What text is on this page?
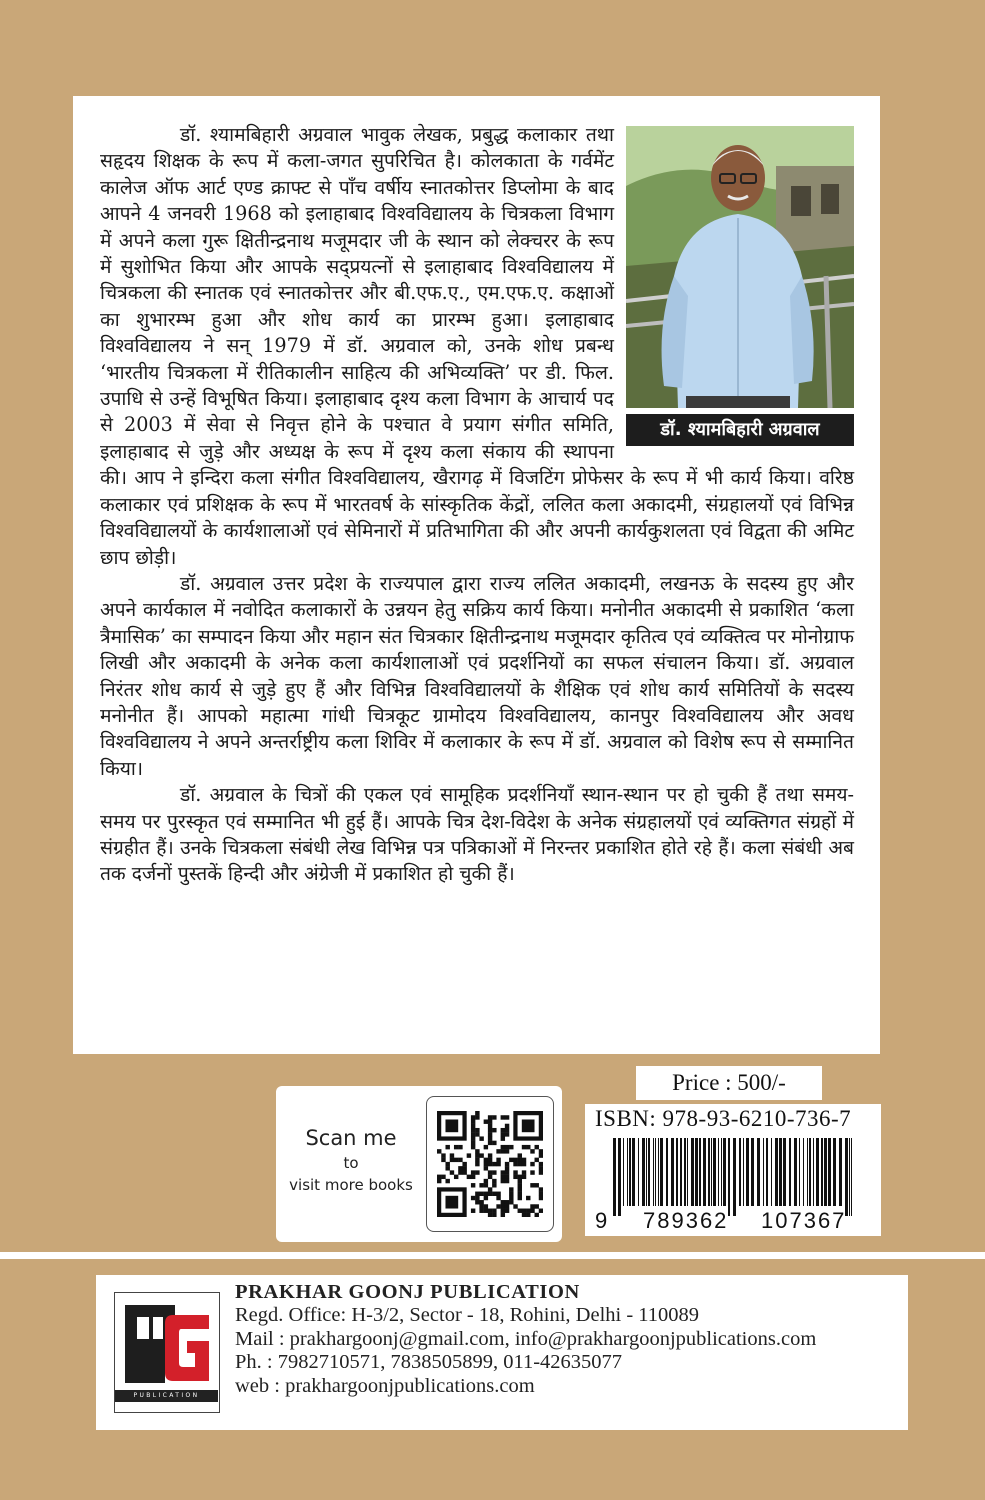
डॉ. श्यामबिहारी अग्रवाल

डॉ. श्यामबिहारी अग्रवाल भावुक लेखक, प्रबुद्ध कलाकार तथा सहृदय शिक्षक के रूप में कला-जगत सुपरिचित है। कोलकाता के गर्वमेंट कालेज ऑफ आर्ट एण्ड क्राफ्ट से पाँच वर्षीय स्नातकोत्तर डिप्लोमा के बाद आपने 4 जनवरी 1968 को इलाहाबाद विश्वविद्यालय के चित्रकला विभाग में अपने कला गुरू क्षितीन्द्रनाथ मजूमदार जी के स्थान को लेक्चरर के रूप में सुशोभित किया और आपके सद्प्रयत्नों से इलाहाबाद विश्वविद्यालय में चित्रकला की स्नातक एवं स्नातकोत्तर और बी.एफ.ए., एम.एफ.ए. कक्षाओं का शुभारम्भ हुआ और शोध कार्य का प्रारम्भ हुआ। इलाहाबाद विश्वविद्यालय ने सन् 1979 में डॉ. अग्रवाल को, उनके शोध प्रबन्ध ‘भारतीय चित्रकला में रीतिकालीन साहित्य की अभिव्यक्ति’ पर डी. फिल. उपाधि से उन्हें विभूषित किया। इलाहाबाद दृश्य कला विभाग के आचार्य पद से 2003 में सेवा से निवृत्त होने के पश्चात वे प्रयाग संगीत समिति, इलाहाबाद से जुड़े और अध्यक्ष के रूप में दृश्य कला संकाय की स्थापना की। आप ने इन्दिरा कला संगीत विश्वविद्यालय, खैरागढ़ में विजटिंग प्रोफेसर के रूप में भी कार्य किया। वरिष्ठ कलाकार एवं प्रशिक्षक के रूप में भारतवर्ष के सांस्कृतिक केंद्रों, ललित कला अकादमी, संग्रहालयों एवं विभिन्न विश्वविद्यालयों के कार्यशालाओं एवं सेमिनारों में प्रतिभागिता की और अपनी कार्यकुशलता एवं विद्वता की अमिट छाप छोड़ी।

डॉ. अग्रवाल उत्तर प्रदेश के राज्यपाल द्वारा राज्य ललित अकादमी, लखनऊ के सदस्य हुए और अपने कार्यकाल में नवोदित कलाकारों के उन्नयन हेतु सक्रिय कार्य किया। मनोनीत अकादमी से प्रकाशित ‘कला त्रैमासिक’ का सम्पादन किया और महान संत चित्रकार क्षितीन्द्रनाथ मजूमदार कृतित्व एवं व्यक्तित्व पर मोनोग्राफ लिखी और अकादमी के अनेक कला कार्यशालाओं एवं प्रदर्शनियों का सफल संचालन किया। डॉ. अग्रवाल निरंतर शोध कार्य से जुड़े हुए हैं और विभिन्न विश्वविद्यालयों के शैक्षिक एवं शोध कार्य समितियों के सदस्य मनोनीत हैं। आपको महात्मा गांधी चित्रकूट ग्रामोदय विश्वविद्यालय, कानपुर विश्वविद्यालय और अवध विश्वविद्यालय ने अपने अन्तर्राष्ट्रीय कला शिविर में कलाकार के रूप में डॉ. अग्रवाल को विशेष रूप से सम्मानित किया।

डॉ. अग्रवाल के चित्रों की एकल एवं सामूहिक प्रदर्शनियाँ स्थान-स्थान पर हो चुकी हैं तथा समय-समय पर पुरस्कृत एवं सम्मानित भी हुई हैं। आपके चित्र देश-विदेश के अनेक संग्रहालयों एवं व्यक्तिगत संग्रहों में संग्रहीत हैं। उनके चित्रकला संबंधी लेख विभिन्न पत्र पत्रिकाओं में निरन्तर प्रकाशित होते रहे हैं। कला संबंधी अब तक दर्जनों पुस्तकें हिन्दी और अंग्रेजी में प्रकाशित हो चुकी हैं।

Price : 500/-
Scan me
to
visit more books
ISBN: 978-93-6210-736-7
9 789362 107367
PUBLICATION
PRAKHAR GOONJ PUBLICATION
Regd. Office: H-3/2, Sector - 18, Rohini, Delhi - 110089
Mail : prakhargoonj@gmail.com, info@prakhargoonjpublications.com
Ph. : 7982710571, 7838505899, 011-42635077
web : prakhargoonjpublications.com
